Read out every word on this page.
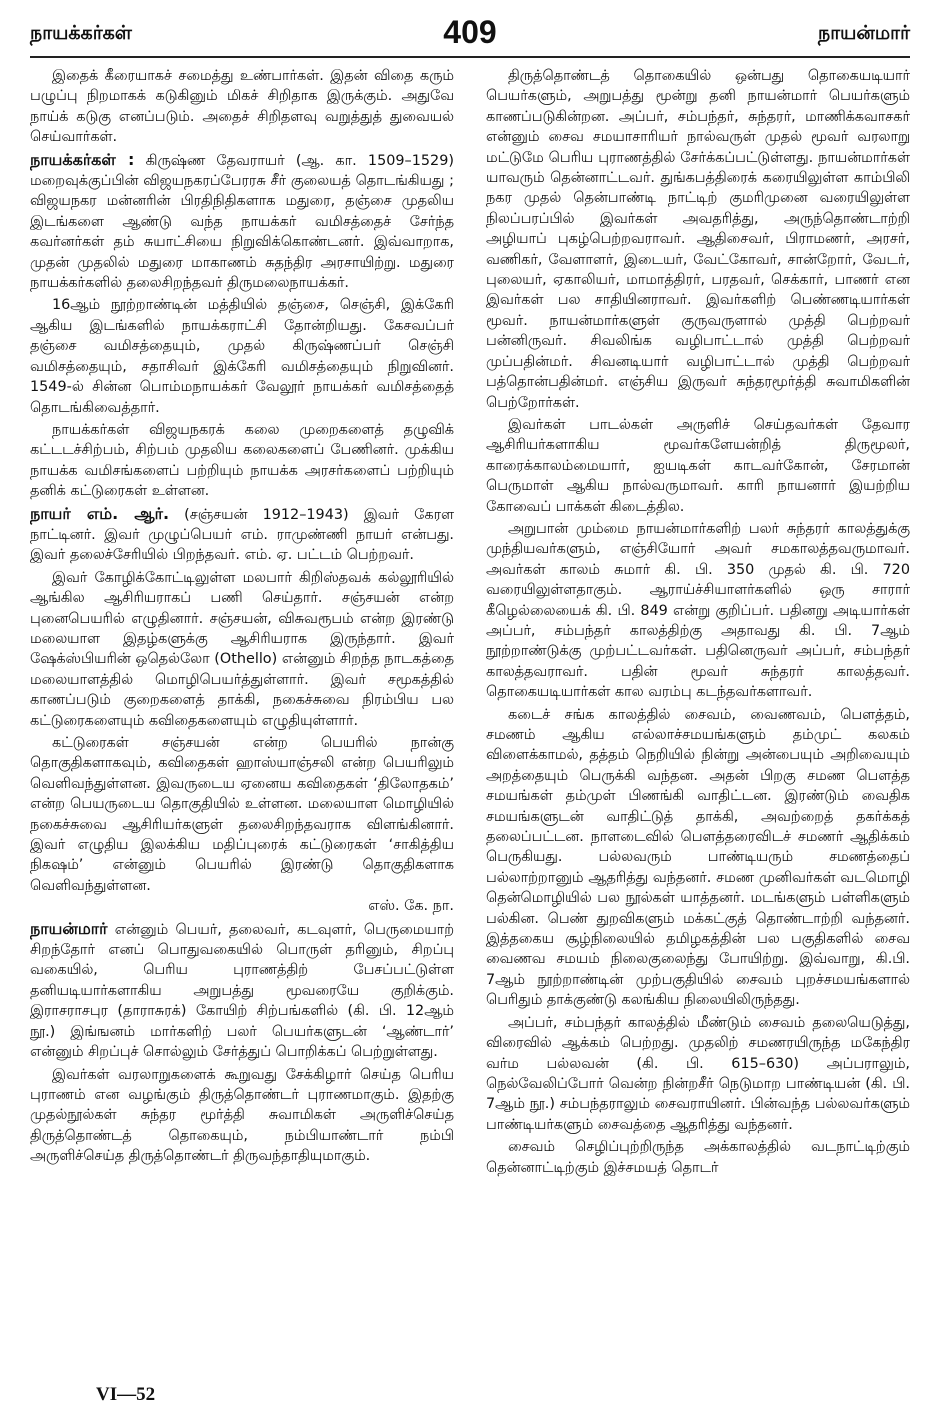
நாயக்கர்கள்	409	நாயன்மார்

இதைக் கீரையாகச் சமைத்து உண்பார்கள். இதன் விதை கரும் பழுப்பு நிறமாகக் கடுகினும் மிகச் சிறிதாக இருக்கும். அதுவே நாய்க் கடுகு எனப்படும். அதைச் சிறிதளவு வறுத்துத் துவையல் செய்வார்கள்.

நாயக்கர்கள் : கிருஷ்ண தேவராயர் (ஆ. கா. 1509–1529) மறைவுக்குப்பின் விஜயநகரப்பேரரசு சீர் குலையத் தொடங்கியது ; விஜயநகர மன்னரின் பிரதிநிதிகளாக மதுரை, தஞ்சை முதலிய இடங்களை ஆண்டு வந்த நாயக்கர் வமிசத்தைச் சேர்ந்த கவர்னர்கள் தம் சுயாட்சியை நிறுவிக்கொண்டனர். இவ்வாறாக, முதன் முதலில் மதுரை மாகாணம் சுதந்திர அரசாயிற்று. மதுரை நாயக்கர்களில் தலைசிறந்தவர் திருமலைநாயக்கர்.

16ஆம் நூற்றாண்டின் மத்தியில் தஞ்சை, செஞ்சி, இக்கேரி ஆகிய இடங்களில் நாயக்கராட்சி தோன்றியது. கேசவப்பர் தஞ்சை வமிசத்தையும், முதல் கிருஷ்ணப்பர் செஞ்சி வமிசத்தையும், சதாசிவர் இக்கேரி வமிசத்தையும் நிறுவினர். 1549-ல் சின்ன பொம்மநாயக்கர் வேலூர் நாயக்கர் வமிசத்தைத் தொடங்கிவைத்தார்.

நாயக்கர்கள் விஜயநகரக் கலை முறைகளைத் தழுவிக் கட்டடச்சிற்பம், சிற்பம் முதலிய கலைகளைப் பேணினர். முக்கிய நாயக்க வமிசங்களைப் பற்றியும் நாயக்க அரசர்களைப் பற்றியும் தனிக் கட்டுரைகள் உள்ளன.

நாயர் எம். ஆர். (சஞ்சயன் 1912–1943) இவர் கேரள நாட்டினர். இவர் முழுப்பெயர் எம். ராமுண்ணி நாயர் என்பது. இவர் தலைச்சேரியில் பிறந்தவர். எம். ஏ. பட்டம் பெற்றவர்.

இவர் கோழிக்கோட்டிலுள்ள மலபார் கிறிஸ்தவக் கல்லூரியில் ஆங்கில ஆசிரியராகப் பணி செய்தார். சஞ்சயன் என்ற புனைபெயரில் எழுதினார். சஞ்சயன், விசுவரூபம் என்ற இரண்டு மலையாள இதழ்களுக்கு ஆசிரியராக இருந்தார். இவர் ஷேக்ஸ்பியரின் ஒதெல்லோ (Othello) என்னும் சிறந்த நாடகத்தை மலையாளத்தில் மொழிபெயர்த்துள்ளார். இவர் சமூகத்தில் காணப்படும் குறைகளைத் தாக்கி, நகைச்சுவை நிரம்பிய பல கட்டுரைகளையும் கவிதைகளையும் எழுதியுள்ளார்.

கட்டுரைகள் சஞ்சயன் என்ற பெயரில் நான்கு தொகுதிகளாகவும், கவிதைகள் ஹாஸ்யாஞ்சலி என்ற பெயரிலும் வெளிவந்துள்ளன. இவருடைய ஏனைய கவிதைகள் ‘திலோதகம்’ என்ற பெயருடைய தொகுதியில் உள்ளன. மலையாள மொழியில் நகைச்சுவை ஆசிரியர்களுள் தலைசிறந்தவராக விளங்கினார். இவர் எழுதிய இலக்கிய மதிப்புரைக் கட்டுரைகள் ‘சாகித்திய நிகஷம்’ என்னும் பெயரில் இரண்டு தொகுதிகளாக வெளிவந்துள்ளன.
எஸ். கே. நா.

நாயன்மார் என்னும் பெயர், தலைவர், கடவுளர், பெருமையாற் சிறந்தோர் எனப் பொதுவகையில் பொருள் தரினும், சிறப்பு வகையில், பெரிய புராணத்திற் பேசப்பட்டுள்ள தனியடியார்களாகிய அறுபத்து மூவரையே குறிக்கும். இராசராசபுர (தாராசுரக்) கோயிற் சிற்பங்களில் (கி. பி. 12ஆம் நூ.) இங்ஙனம் மார்களிற் பலர் பெயர்களுடன் ‘ஆண்டார்’ என்னும் சிறப்புச் சொல்லும் சேர்த்துப் பொறிக்கப் பெற்றுள்ளது.

இவர்கள் வரலாறுகளைக் கூறுவது சேக்கிழார் செய்த பெரிய புராணம் என வழங்கும் திருத்தொண்டர் புராணமாகும். இதற்கு முதல்நூல்கள் சுந்தர மூர்த்தி சுவாமிகள் அருளிச்செய்த திருத்தொண்டத் தொகையும், நம்பியாண்டார் நம்பி அருளிச்செய்த திருத்தொண்டர் திருவந்தாதியுமாகும்.

திருத்தொண்டத் தொகையில் ஒன்பது தொகையடியார் பெயர்களும், அறுபத்து மூன்று தனி நாயன்மார் பெயர்களும் காணப்படுகின்றன. அப்பர், சம்பந்தர், சுந்தரர், மாணிக்கவாசகர் என்னும் சைவ சமயாசாரியர் நால்வருள் முதல் மூவர் வரலாறு மட்டுமே பெரிய புராணத்தில் சேர்க்கப்பட்டுள்ளது. நாயன்மார்கள் யாவரும் தென்னாட்டவர். துங்கபத்திரைக் கரையிலுள்ள காம்பிலி நகர முதல் தென்பாண்டி நாட்டிற் குமரிமுனை வரையிலுள்ள நிலப்பரப்பில் இவர்கள் அவதரித்து, அருந்தொண்டாற்றி அழியாப் புகழ்பெற்றவராவர். ஆதிசைவர், பிராமணர், அரசர், வணிகர், வேளாளர், இடையர், வேட்கோவர், சான்றோர், வேடர், புலையர், ஏகாலியர், மாமாத்திரர், பரதவர், செக்கார், பாணர் என இவர்கள் பல சாதியினராவர். இவர்களிற் பெண்ணடியார்கள் மூவர். நாயன்மார்களுள் குருவருளால் முத்தி பெற்றவர் பன்னிருவர். சிவலிங்க வழிபாட்டால் முத்தி பெற்றவர் முப்பதின்மர். சிவனடியார் வழிபாட்டால் முத்தி பெற்றவர் பத்தொன்பதின்மர். எஞ்சிய இருவர் சுந்தரமூர்த்தி சுவாமிகளின் பெற்றோர்கள்.

இவர்கள் பாடல்கள் அருளிச் செய்தவர்கள் தேவார ஆசிரியர்களாகிய மூவர்களேயன்றித் திருமூலர், காரைக்காலம்மையார், ஐயடிகள் காடவர்கோன், சேரமான் பெருமாள் ஆகிய நால்வருமாவர். காரி நாயனார் இயற்றிய கோவைப் பாக்கள் கிடைத்தில.

அறுபான் மும்மை நாயன்மார்களிற் பலர் சுந்தரர் காலத்துக்கு முந்தியவர்களும், எஞ்சியோர் அவர் சமகாலத்தவருமாவர். அவர்கள் காலம் சுமார் கி. பி. 350 முதல் கி. பி. 720 வரையிலுள்ளதாகும். ஆராய்ச்சியாளர்களில் ஒரு சாரார் கீழெல்லையைக் கி. பி. 849 என்று குறிப்பர். பதினறு அடியார்கள் அப்பர், சம்பந்தர் காலத்திற்கு அதாவது கி. பி. 7ஆம் நூற்றாண்டுக்கு முற்பட்டவர்கள். பதினெருவர் அப்பர், சம்பந்தர் காலத்தவராவர். பதின் மூவர் சுந்தரர் காலத்தவர். தொகையடியார்கள் கால வரம்பு கடந்தவர்களாவர்.

கடைச் சங்க காலத்தில் சைவம், வைணவம், பௌத்தம், சமணம் ஆகிய எல்லாச்சமயங்களும் தம்முட் கலகம் விளைக்காமல், தத்தம் நெறியில் நின்று அன்பையும் அறிவையும் அறத்தையும் பெருக்கி வந்தன. அதன் பிறகு சமண பௌத்த சமயங்கள் தம்முள் பிணங்கி வாதிட்டன. இரண்டும் வைதிக சமயங்களுடன் வாதிட்டுத் தாக்கி, அவற்றைத் தகர்க்கத் தலைப்பட்டன. நாளடைவில் பௌத்தரைவிடச் சமணர் ஆதிக்கம் பெருகியது. பல்லவரும் பாண்டியரும் சமணத்தைப் பல்லாற்றானும் ஆதரித்து வந்தனர். சமண முனிவர்கள் வடமொழி தென்மொழியில் பல நூல்கள் யாத்தனர். மடங்களும் பள்ளிகளும் பல்கின. பெண் துறவிகளும் மக்கட்குத் தொண்டாற்றி வந்தனர். இத்தகைய சூழ்நிலையில் தமிழகத்தின் பல பகுதிகளில் சைவ வைணவ சமயம் நிலைகுலைந்து போயிற்று. இவ்வாறு, கி.பி. 7ஆம் நூற்றாண்டின் முற்பகுதியில் சைவம் புறச்சமயங்களால் பெரிதும் தாக்குண்டு கலங்கிய நிலையிலிருந்தது.

அப்பர், சம்பந்தர் காலத்தில் மீண்டும் சைவம் தலையெடுத்து, விரைவில் ஆக்கம் பெற்றது. முதலிற் சமணரயிருந்த மகேந்திர வர்ம பல்லவன் (கி. பி. 615–630) அப்பராலும், நெல்வேலிப்போர் வென்ற நின்றசீர் நெடுமாற பாண்டியன் (கி. பி. 7ஆம் நூ.) சம்பந்தராலும் சைவராயினர். பின்வந்த பல்லவர்களும் பாண்டியர்களும் சைவத்தை ஆதரித்து வந்தனர்.

சைவம் செழிப்புற்றிருந்த அக்காலத்தில் வடநாட்டிற்கும் தென்னாட்டிற்கும் இச்சமயத் தொடர்

VI—52
